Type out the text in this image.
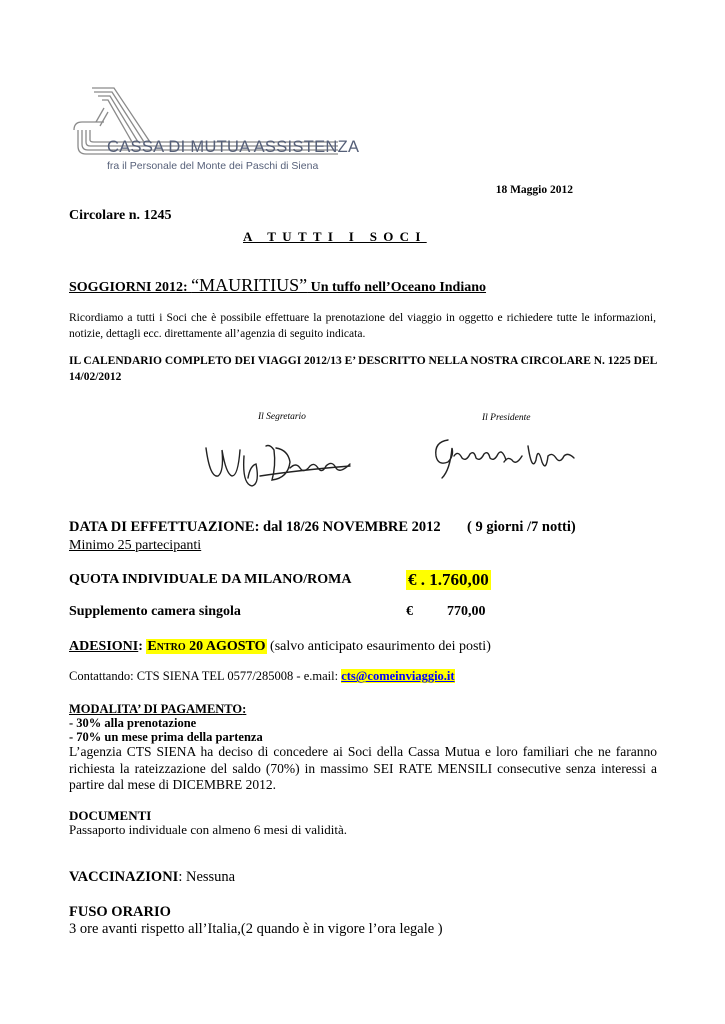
CASSA DI MUTUA ASSISTENZA
fra il Personale del Monte dei Paschi di Siena
18 Maggio 2012
Circolare n. 1245
A TUTTI I SOCI
SOGGIORNI 2012: “MAURITIUS” Un tuffo nell’Oceano Indiano
Ricordiamo a tutti i Soci che è possibile effettuare la prenotazione del viaggio in oggetto e richiedere tutte le informazioni, notizie, dettagli ecc. direttamente all’agenzia di seguito indicata.
IL CALENDARIO COMPLETO DEI VIAGGI 2012/13 E’ DESCRITTO NELLA NOSTRA CIRCOLARE N. 1225 DEL 14/02/2012
Il Segretario	Il Presidente
DATA DI EFFETTUAZIONE: dal 18/26 NOVEMBRE 2012 ( 9 giorni /7 notti)
Minimo 25 partecipanti
QUOTA INDIVIDUALE DA MILANO/ROMA	€ . 1.760,00
Supplemento camera singola	€ 770,00
ADESIONI: Entro 20 AGOSTO (salvo anticipato esaurimento dei posti)
Contattando: CTS SIENA TEL 0577/285008 - e.mail: cts@comeinviaggio.it
MODALITA’ DI PAGAMENTO:
- 30% alla prenotazione
- 70% un mese prima della partenza
L’agenzia CTS SIENA ha deciso di concedere ai Soci della Cassa Mutua e loro familiari che ne faranno richiesta la rateizzazione del saldo (70%) in massimo SEI RATE MENSILI consecutive senza interessi a partire dal mese di DICEMBRE 2012.
DOCUMENTI
Passaporto individuale con almeno 6 mesi di validità.
VACCINAZIONI: Nessuna
FUSO ORARIO
3 ore avanti rispetto all’Italia,(2 quando è in vigore l’ora legale )
